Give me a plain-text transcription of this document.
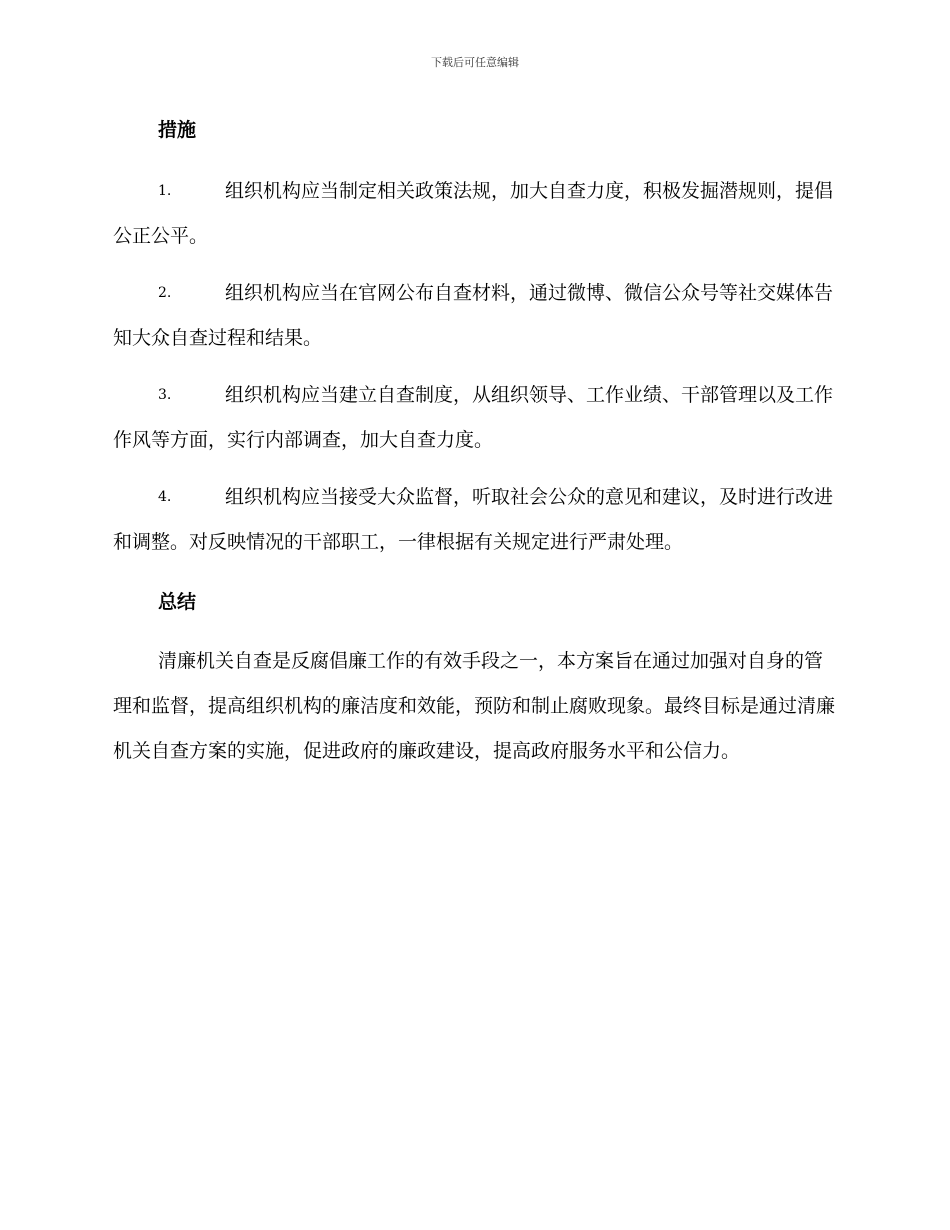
下载后可任意编辑
措施

1.	组织机构应当制定相关政策法规，加大自查力度，积极发掘潜规则，提倡公正公平。

2.	组织机构应当在官网公布自查材料，通过微博、微信公众号等社交媒体告知大众自查过程和结果。

3.	组织机构应当建立自查制度，从组织领导、工作业绩、干部管理以及工作作风等方面，实行内部调查，加大自查力度。

4.	组织机构应当接受大众监督，听取社会公众的意见和建议，及时进行改进和调整。对反映情况的干部职工，一律根据有关规定进行严肃处理。

总结

清廉机关自查是反腐倡廉工作的有效手段之一，本方案旨在通过加强对自身的管理和监督，提高组织机构的廉洁度和效能，预防和制止腐败现象。最终目标是通过清廉机关自查方案的实施，促进政府的廉政建设，提高政府服务水平和公信力。
